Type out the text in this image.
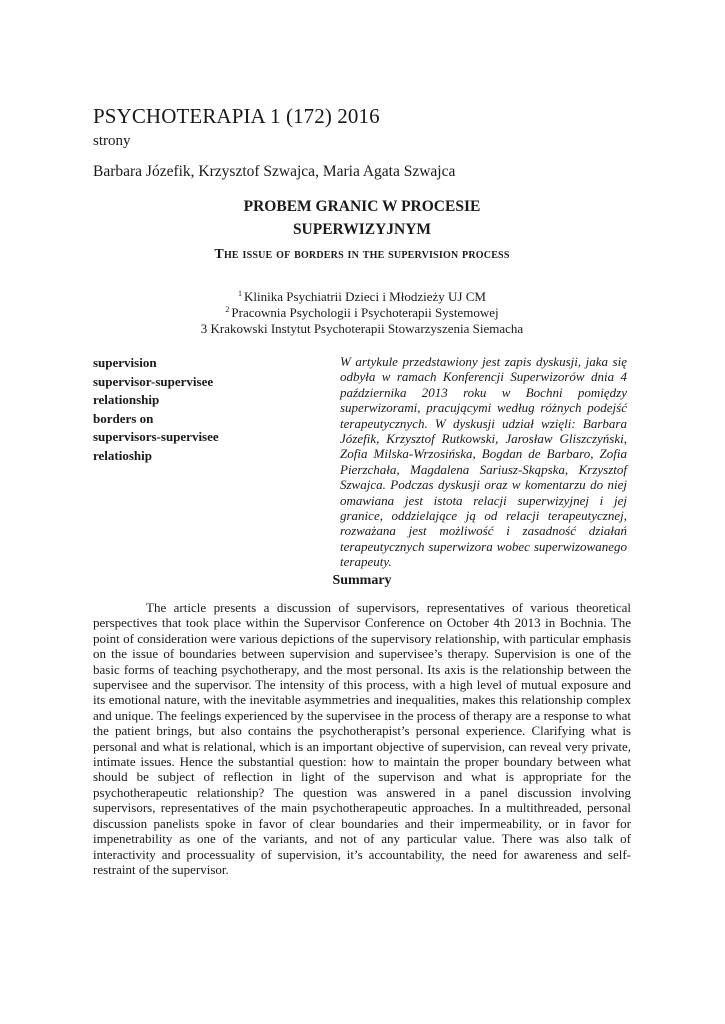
PSYCHOTERAPIA 1 (172) 2016
strony
Barbara Józefik, Krzysztof Szwajca, Maria Agata Szwajca
PROBEM GRANIC W PROCESIE
SUPERWIZYJNYM
The issue of borders in the supervision process
$^1$ Klinika Psychiatrii Dzieci i Młodzieży UJ CM
$^2$ Pracownia Psychologii i Psychoterapii Systemowej
3 Krakowski Instytut Psychoterapii Stowarzyszenia Siemacha
supervision
supervisor-supervisee
relationship
borders on
supervisors-supervisee
relatioship
W artykule przedstawiony jest zapis dyskusji, jaka się odbyła w ramach Konferencji Superwizorów dnia 4 października 2013 roku w Bochni pomiędzy superwizorami, pracującymi według różnych podejść terapeutycznych. W dyskusji udział wzięli: Barbara Józefik, Krzysztof Rutkowski, Jarosław Gliszczyński, Zofia Milska-Wrzosińska, Bogdan de Barbaro, Zofia Pierzchała, Magdalena Sariusz-Skąpska, Krzysztof Szwajca. Podczas dyskusji oraz w komentarzu do niej omawiana jest istota relacji superwizyjnej i jej granice, oddzielające ją od relacji terapeutycznej, rozważana jest możliwość i zasadność działań terapeutycznych superwizora wobec superwizowanego terapeuty.
Summary
The article presents a discussion of supervisors, representatives of various theoretical perspectives that took place within the Supervisor Conference on October 4th 2013 in Bochnia. The point of consideration were various depictions of the supervisory relationship, with particular emphasis on the issue of boundaries between supervision and supervisee’s therapy. Supervision is one of the basic forms of teaching psychotherapy, and the most personal. Its axis is the relationship between the supervisee and the supervisor. The intensity of this process, with a high level of mutual exposure and its emotional nature, with the inevitable asymmetries and inequalities, makes this relationship complex and unique. The feelings experienced by the supervisee in the process of therapy are a response to what the patient brings, but also contains the psychotherapist’s personal experience. Clarifying what is personal and what is relational, which is an important objective of supervision, can reveal very private, intimate issues. Hence the substantial question: how to maintain the proper boundary between what should be subject of reflection in light of the supervison and what is appropriate for the psychotherapeutic relationship? The question was answered in a panel discussion involving supervisors, representatives of the main psychotherapeutic approaches. In a multithreaded, personal discussion panelists spoke in favor of clear boundaries and their impermeability, or in favor for impenetrability as one of the variants, and not of any particular value. There was also talk of interactivity and processuality of supervision, it’s accountability, the need for awareness and self-restraint of the supervisor.
